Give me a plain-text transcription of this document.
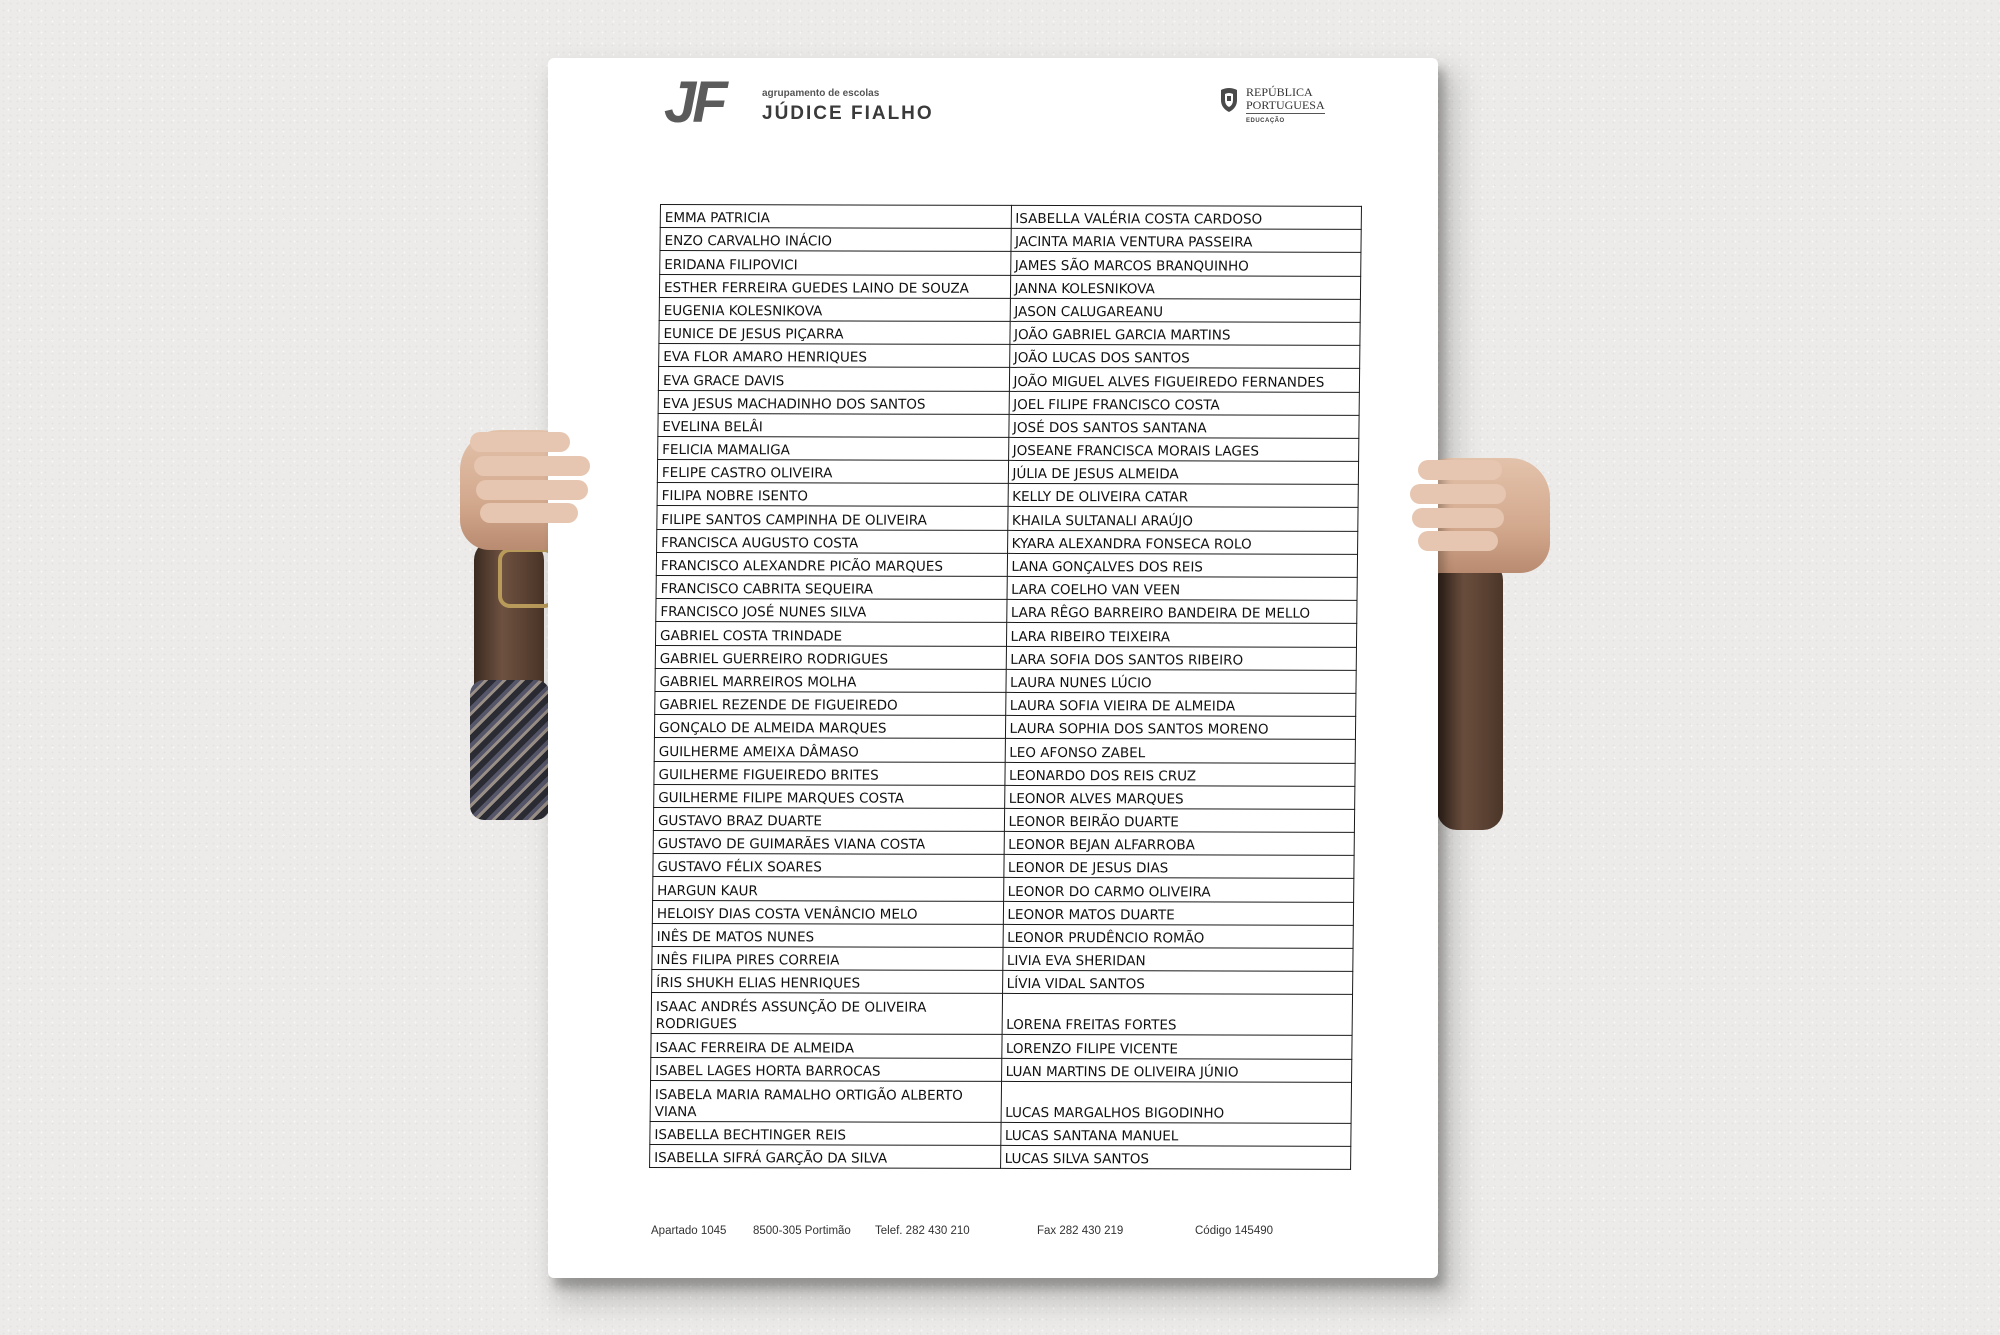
JF	agrupamento de escolas
JÚDICE FIALHO
REPÚBLICA
PORTUGUESA
EDUCAÇÃO
EMMA PATRICIA	ISABELLA VALÉRIA COSTA CARDOSO
ENZO CARVALHO INÁCIO	JACINTA MARIA VENTURA PASSEIRA
ERIDANA FILIPOVICI	JAMES SÃO MARCOS BRANQUINHO
ESTHER FERREIRA GUEDES LAINO DE SOUZA	JANNA KOLESNIKOVA
EUGENIA KOLESNIKOVA	JASON CALUGAREANU
EUNICE DE JESUS PIÇARRA	JOÃO GABRIEL GARCIA MARTINS
EVA FLOR AMARO HENRIQUES	JOÃO LUCAS DOS SANTOS
EVA GRACE DAVIS	JOÃO MIGUEL ALVES FIGUEIREDO FERNANDES
EVA JESUS MACHADINHO DOS SANTOS	JOEL FILIPE FRANCISCO COSTA
EVELINA BELÂI	JOSÉ DOS SANTOS SANTANA
FELICIA MAMALIGA	JOSEANE FRANCISCA MORAIS LAGES
FELIPE CASTRO OLIVEIRA	JÚLIA DE JESUS ALMEIDA
FILIPA NOBRE ISENTO	KELLY DE OLIVEIRA CATAR
FILIPE SANTOS CAMPINHA DE OLIVEIRA	KHAILA SULTANALI ARAÚJO
FRANCISCA AUGUSTO COSTA	KYARA ALEXANDRA FONSECA ROLO
FRANCISCO ALEXANDRE PICÃO MARQUES	LANA GONÇALVES DOS REIS
FRANCISCO CABRITA SEQUEIRA	LARA COELHO VAN VEEN
FRANCISCO JOSÉ NUNES SILVA	LARA RÊGO BARREIRO BANDEIRA DE MELLO
GABRIEL COSTA TRINDADE	LARA RIBEIRO TEIXEIRA
GABRIEL GUERREIRO RODRIGUES	LARA SOFIA DOS SANTOS RIBEIRO
GABRIEL MARREIROS MOLHA	LAURA NUNES LÚCIO
GABRIEL REZENDE DE FIGUEIREDO	LAURA SOFIA VIEIRA DE ALMEIDA
GONÇALO DE ALMEIDA MARQUES	LAURA SOPHIA DOS SANTOS MORENO
GUILHERME AMEIXA DÂMASO	LEO AFONSO ZABEL
GUILHERME FIGUEIREDO BRITES	LEONARDO DOS REIS CRUZ
GUILHERME FILIPE MARQUES COSTA	LEONOR ALVES MARQUES
GUSTAVO BRAZ DUARTE	LEONOR BEIRÃO DUARTE
GUSTAVO DE GUIMARÃES VIANA COSTA	LEONOR BEJAN ALFARROBA
GUSTAVO FÉLIX SOARES	LEONOR DE JESUS DIAS
HARGUN KAUR	LEONOR DO CARMO OLIVEIRA
HELOISY DIAS COSTA VENÂNCIO MELO	LEONOR MATOS DUARTE
INÊS DE MATOS NUNES	LEONOR PRUDÊNCIO ROMÃO
INÊS FILIPA PIRES CORREIA	LIVIA EVA SHERIDAN
ÍRIS SHUKH ELIAS HENRIQUES	LÍVIA VIDAL SANTOS
ISAAC ANDRÉS ASSUNÇÃO DE OLIVEIRA RODRIGUES	LORENA FREITAS FORTES
ISAAC FERREIRA DE ALMEIDA	LORENZO FILIPE VICENTE
ISABEL LAGES HORTA BARROCAS	LUAN MARTINS DE OLIVEIRA JÚNIO
ISABELA MARIA RAMALHO ORTIGÃO ALBERTO VIANA	LUCAS MARGALHOS BIGODINHO
ISABELLA BECHTINGER REIS	LUCAS SANTANA MANUEL
ISABELLA SIFRÁ GARÇÃO DA SILVA	LUCAS SILVA SANTOS
Apartado 1045 8500-305 Portimão Telef. 282 430 210	Fax 282 430 219	Código 145490
